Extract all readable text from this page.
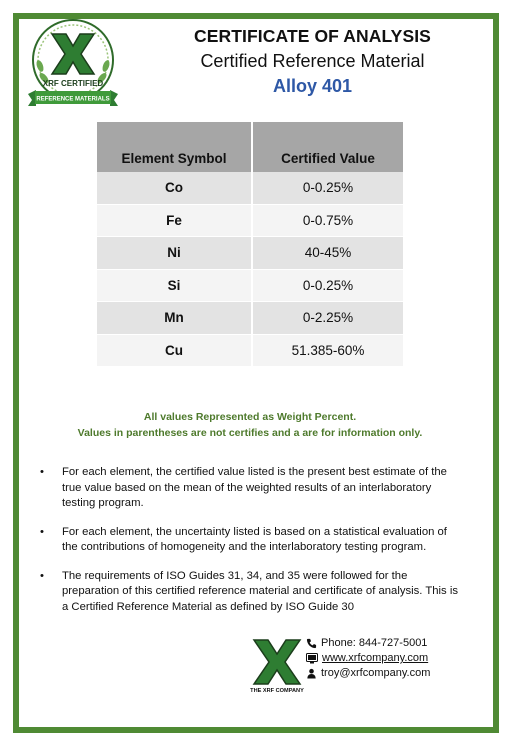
XRF CERTIFIED
REFERENCE MATERIALS
CERTIFICATE OF ANALYSIS
Certified Reference Material
Alloy 401
Element Symbol	Certified Value
Co	0-0.25%
Fe	0-0.75%
Ni	40-45%
Si	0-0.25%
Mn	0-2.25%
Cu	51.385-60%
All values Represented as Weight Percent.
Values in parentheses are not certifies and a are for information only.
• For each element, the certified value listed is the present best estimate of the true value based on the mean of the weighted results of an interlaboratory testing program.
• For each element, the uncertainty listed is based on a statistical evaluation of the contributions of homogeneity and the interlaboratory testing program.
• The requirements of ISO Guides 31, 34, and 35 were followed for the preparation of this certified reference material and certificate of analysis. This is a Certified Reference Material as defined by ISO Guide 30
THE XRF COMPANY
Phone: 844-727-5001
www.xrfcompany.com
troy@xrfcompany.com
